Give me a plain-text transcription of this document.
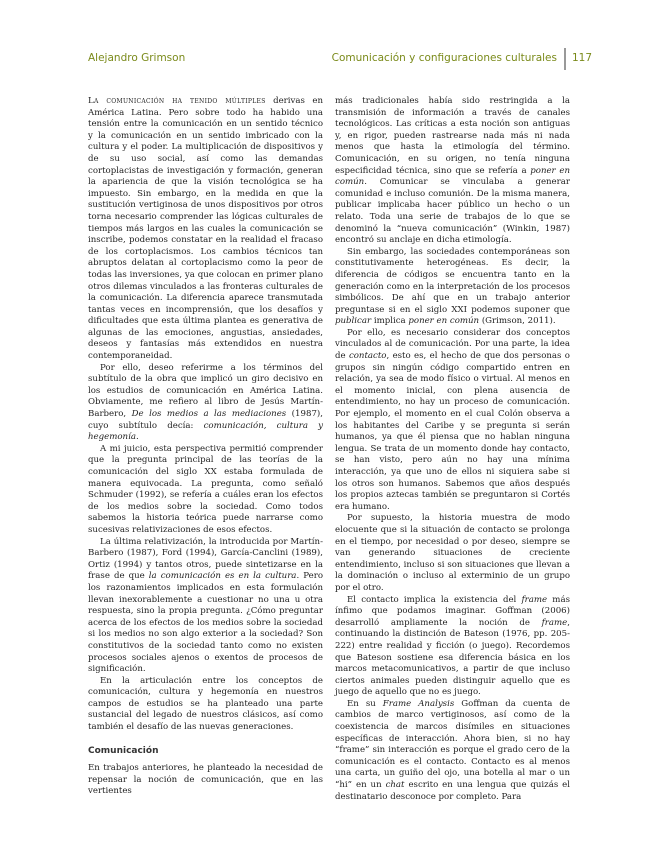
Alejandro Grimson	Comunicación y configuraciones culturales 117

La comunicación ha tenido múltiples derivas en América Latina. Pero sobre todo ha habido una tensión entre la comunicación en un sentido técnico y la comunicación en un sentido imbricado con la cultura y el poder. La multiplicación de dispositivos y de su uso social, así como las demandas cortoplacistas de investigación y formación, generan la apariencia de que la visión tecnológica se ha impuesto. Sin embargo, en la medida en que la sustitución vertiginosa de unos dispositivos por otros torna necesario comprender las lógicas culturales de tiempos más largos en las cuales la comunicación se inscribe, podemos constatar en la realidad el fracaso de los cortoplacismos. Los cambios técnicos tan abruptos delatan al cortoplacismo como la peor de todas las inversiones, ya que colocan en primer plano otros dilemas vinculados a las fronteras culturales de la comunicación. La diferencia aparece transmutada tantas veces en incomprensión, que los desafíos y dificultades que esta última plantea es generativa de algunas de las emociones, angustias, ansiedades, deseos y fantasías más extendidos en nuestra contemporaneidad.

Por ello, deseo referirme a los términos del subtítulo de la obra que implicó un giro decisivo en los estudios de comunicación en América Latina. Obviamente, me refiero al libro de Jesús Martín-Barbero, De los medios a las mediaciones (1987), cuyo subtítulo decía: comunicación, cultura y hegemonía.

A mi juicio, esta perspectiva permitió comprender que la pregunta principal de las teorías de la comunicación del siglo XX estaba formulada de manera equivocada. La pregunta, como señaló Schmuder (1992), se refería a cuáles eran los efectos de los medios sobre la sociedad. Como todos sabemos la historia teórica puede narrarse como sucesivas relativizaciones de esos efectos.

La última relativización, la introducida por Martín-Barbero (1987), Ford (1994), García-Canclini (1989), Ortiz (1994) y tantos otros, puede sintetizarse en la frase de que la comunicación es en la cultura. Pero los razonamientos implicados en esta formulación llevan inexorablemente a cuestionar no una u otra respuesta, sino la propia pregunta. ¿Cómo preguntar acerca de los efectos de los medios sobre la sociedad si los medios no son algo exterior a la sociedad? Son constitutivos de la sociedad tanto como no existen procesos sociales ajenos o exentos de procesos de significación.

En la articulación entre los conceptos de comunicación, cultura y hegemonía en nuestros campos de estudios se ha planteado una parte sustancial del legado de nuestros clásicos, así como también el desafío de las nuevas generaciones.

Comunicación

En trabajos anteriores, he planteado la necesidad de repensar la noción de comunicación, que en las vertientes

más tradicionales había sido restringida a la transmisión de información a través de canales tecnológicos. Las críticas a esta noción son antiguas y, en rigor, pueden rastrearse nada más ni nada menos que hasta la etimología del término. Comunicación, en su origen, no tenía ninguna especificidad técnica, sino que se refería a poner en común. Comunicar se vinculaba a generar comunidad e incluso comunión. De la misma manera, publicar implicaba hacer público un hecho o un relato. Toda una serie de trabajos de lo que se denominó la “nueva comunicación” (Winkin, 1987) encontró su anclaje en dicha etimología.

Sin embargo, las sociedades contemporáneas son constitutivamente heterogéneas. Es decir, la diferencia de códigos se encuentra tanto en la generación como en la interpretación de los procesos simbólicos. De ahí que en un trabajo anterior preguntase si en el siglo XXI podemos suponer que publicar implica poner en común (Grimson, 2011).

Por ello, es necesario considerar dos conceptos vinculados al de comunicación. Por una parte, la idea de contacto, esto es, el hecho de que dos personas o grupos sin ningún código compartido entren en relación, ya sea de modo físico o virtual. Al menos en el momento inicial, con plena ausencia de entendimiento, no hay un proceso de comunicación. Por ejemplo, el momento en el cual Colón observa a los habitantes del Caribe y se pregunta si serán humanos, ya que él piensa que no hablan ninguna lengua. Se trata de un momento donde hay contacto, se han visto, pero aún no hay una mínima interacción, ya que uno de ellos ni siquiera sabe si los otros son humanos. Sabemos que años después los propios aztecas también se preguntaron si Cortés era humano.

Por supuesto, la historia muestra de modo elocuente que si la situación de contacto se prolonga en el tiempo, por necesidad o por deseo, siempre se van generando situaciones de creciente entendimiento, incluso si son situaciones que llevan a la dominación o incluso al exterminio de un grupo por el otro.

El contacto implica la existencia del frame más ínfimo que podamos imaginar. Goffman (2006) desarrolló ampliamente la noción de frame, continuando la distinción de Bateson (1976, pp. 205-222) entre realidad y ficción (o juego). Recordemos que Bateson sostiene esa diferencia básica en los marcos metacomunicativos, a partir de que incluso ciertos animales pueden distinguir aquello que es juego de aquello que no es juego.

En su Frame Analysis Goffman da cuenta de cambios de marco vertiginosos, así como de la coexistencia de marcos disímiles en situaciones específicas de interacción. Ahora bien, si no hay “frame” sin interacción es porque el grado cero de la comunicación es el contacto. Contacto es al menos una carta, un guiño del ojo, una botella al mar o un “hi” en un chat escrito en una lengua que quizás el destinatario desconoce por completo. Para
